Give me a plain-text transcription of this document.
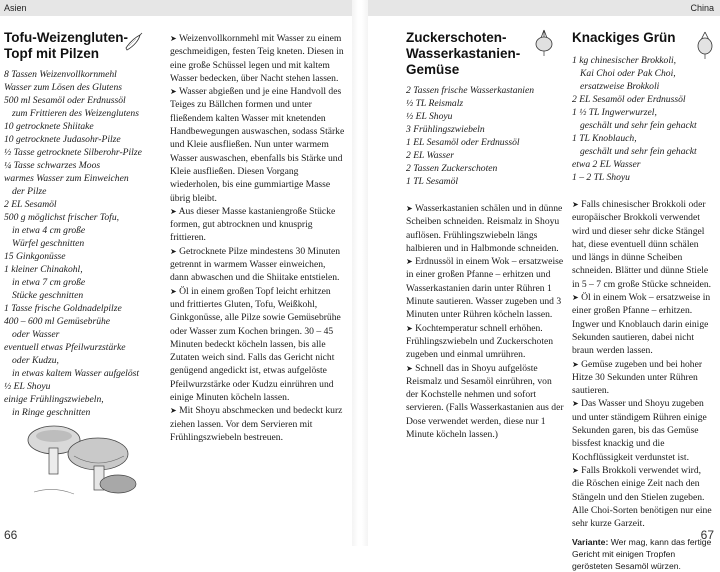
Asien	China
Tofu-Weizengluten-
Topf mit Pilzen
8 Tassen Weizenvollkornmehl
Wasser zum Lösen des Glutens
500 ml Sesamöl oder Erdnussöl
zum Frittieren des Weizenglutens
10 getrocknete Shiitake
10 getrocknete Judasohr-Pilze
½ Tasse getrocknete Silberohr-Pilze
¼ Tasse schwarzes Moos
warmes Wasser zum Einweichen
der Pilze
2 EL Sesamöl
500 g möglichst frischer Tofu,
in etwa 4 cm große
Würfel geschnitten
15 Ginkgonüsse
1 kleiner Chinakohl,
in etwa 7 cm große
Stücke geschnitten
1 Tasse frische Goldnadelpilze
400 – 600 ml Gemüsebrühe
oder Wasser
eventuell etwas Pfeilwurzstärke
oder Kudzu,
in etwas kaltem Wasser aufgelöst
½ EL Shoyu
einige Frühlingszwiebeln,
in Ringe geschnitten

➤ Weizenvollkornmehl mit Wasser zu einem geschmeidigen, festen Teig kneten. Diesen in eine große Schüssel legen und mit kaltem Wasser bedecken, über Nacht stehen lassen.

➤ Wasser abgießen und je eine Handvoll des Teiges zu Bällchen formen und unter fließendem kalten Wasser mit knetenden Handbewegungen auswaschen, sodass Stärke und Kleie ausfließen. Nun unter warmem Wasser auswaschen, ebenfalls bis Stärke und Kleie ausfließen. Diesen Vorgang wiederholen, bis eine gummiartige Masse übrig bleibt.

➤ Aus dieser Masse kastaniengroße Stücke formen, gut abtrocknen und knusprig frittieren.

➤ Getrocknete Pilze mindestens 30 Minuten getrennt in warmem Wasser einweichen, dann abwaschen und die Shiitake entstielen.

➤ Öl in einem großen Topf leicht erhitzen und frittiertes Gluten, Tofu, Weißkohl, Ginkgonüsse, alle Pilze sowie Gemüsebrühe oder Wasser zum Kochen bringen. 30 – 45 Minuten bedeckt köcheln lassen, bis alle Zutaten weich sind. Falls das Gericht nicht genügend angedickt ist, etwas aufgelöste Pfeilwurzstärke oder Kudzu einrühren und einige Minuten köcheln lassen.

➤ Mit Shoyu abschmecken und bedeckt kurz ziehen lassen. Vor dem Servieren mit Frühlingszwiebeln bestreuen.

Zuckerschoten-
Wasserkastanien-
Gemüse
2 Tassen frische Wasserkastanien
½ TL Reismalz
½ EL Shoyu
3 Frühlingszwiebeln
1 EL Sesamöl oder Erdnussöl
2 EL Wasser
2 Tassen Zuckerschoten
1 TL Sesamöl

➤ Wasserkastanien schälen und in dünne Scheiben schneiden. Reismalz in Shoyu auflösen. Frühlingszwiebeln längs halbieren und in Halbmonde schneiden.

➤ Erdnussöl in einem Wok – ersatzweise in einer großen Pfanne – erhitzen und Wasserkastanien darin unter Rühren 1 Minute sautieren. Wasser zugeben und 3 Minuten unter Rühren köcheln lassen.

➤ Kochtemperatur schnell erhöhen. Frühlingszwiebeln und Zuckerschoten zugeben und einmal umrühren.

➤ Schnell das in Shoyu aufgelöste Reismalz und Sesamöl einrühren, von der Kochstelle nehmen und sofort servieren. (Falls Wasserkastanien aus der Dose verwendet werden, diese nur 1 Minute köcheln lassen.)

Knackiges Grün
1 kg chinesischer Brokkoli,
Kai Choi oder Pak Choi,
ersatzweise Brokkoli
2 EL Sesamöl oder Erdnussöl
1 ½ TL Ingwerwurzel,
geschält und sehr fein gehackt
1 TL Knoblauch,
geschält und sehr fein gehackt
etwa 2 EL Wasser
1 – 2 TL Shoyu

➤ Falls chinesischer Brokkoli oder europäischer Brokkoli verwendet wird und dieser sehr dicke Stängel hat, diese eventuell dünn schälen und längs in dünne Scheiben schneiden. Blätter und dünne Stiele in 5 – 7 cm große Stücke schneiden.

➤ Öl in einem Wok – ersatzweise in einer großen Pfanne – erhitzen. Ingwer und Knoblauch darin einige Sekunden sautieren, dabei nicht braun werden lassen.

➤ Gemüse zugeben und bei hoher Hitze 30 Sekunden unter Rühren sautieren.

➤ Das Wasser und Shoyu zugeben und unter ständigem Rühren einige Sekunden garen, bis das Gemüse bissfest knackig und die Kochflüssigkeit verdunstet ist.

➤ Falls Brokkoli verwendet wird, die Röschen einige Zeit nach den Stängeln und den Stielen zugeben. Alle Choi-Sorten benötigen nur eine sehr kurze Garzeit.

Variante: Wer mag, kann das fertige Gericht mit einigen Tropfen gerösteten Sesamöl würzen.
66	67
